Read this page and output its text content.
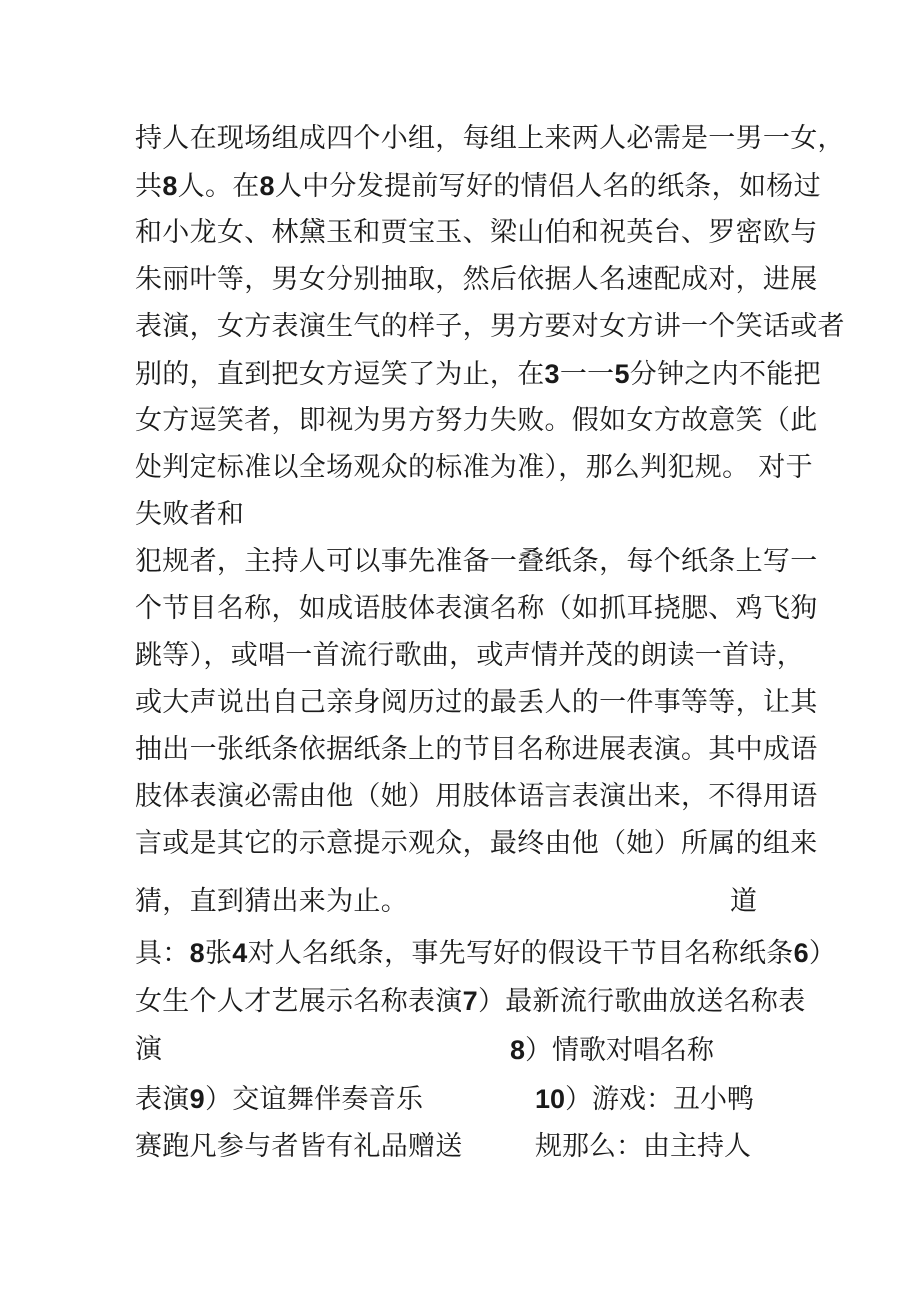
持人在现场组成四个小组，每组上来两人必需是一男一女，

共8人。在8人中分发提前写好的情侣人名的纸条，如杨过

和小龙女、林黛玉和贾宝玉、梁山伯和祝英台、罗密欧与

朱丽叶等，男女分别抽取，然后依据人名速配成对，进展

表演，女方表演生气的样子，男方要对女方讲一个笑话或者

别的，直到把女方逗笑了为止，在3一一5分钟之内不能把

女方逗笑者，即视为男方努力失败。假如女方故意笑（此

处判定标准以全场观众的标准为准），那么判犯规。 对于

失败者和

犯规者，主持人可以事先准备一叠纸条，每个纸条上写一

个节目名称，如成语肢体表演名称（如抓耳挠腮、鸡飞狗

跳等），或唱一首流行歌曲，或声情并茂的朗读一首诗，

或大声说出自己亲身阅历过的最丢人的一件事等等，让其

抽出一张纸条依据纸条上的节目名称进展表演。其中成语

肢体表演必需由他（她）用肢体语言表演出来，不得用语

言或是其它的示意提示观众，最终由他（她）所属的组来

猜，直到猜出来为止。	道

具：8张4对人名纸条，事先写好的假设干节目名称纸条6）

女生个人才艺展示名称表演7）最新流行歌曲放送名称表

演	8）情歌对唱名称

表演9）交谊舞伴奏音乐	10）游戏：丑小鸭

赛跑凡参与者皆有礼品赠送	规那么：由主持人
